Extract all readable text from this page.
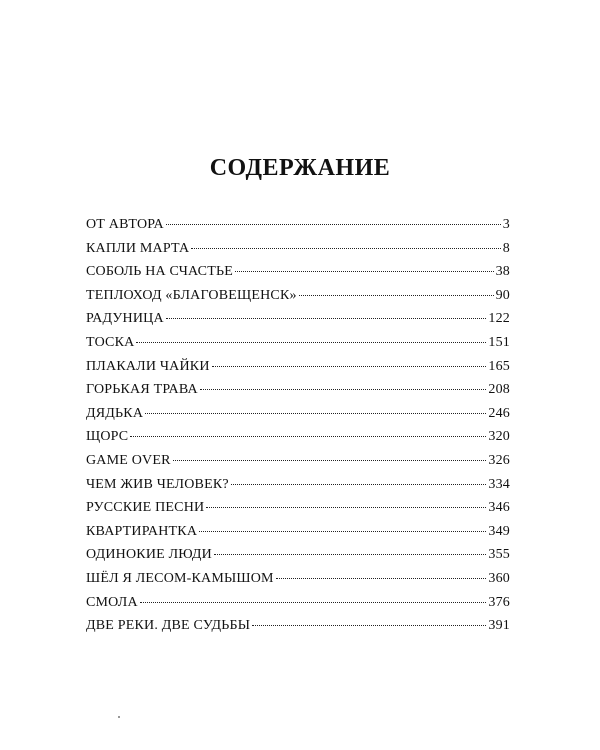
СОДЕРЖАНИЕ
ОТ АВТОРА	3
КАПЛИ МАРТА	8
СОБОЛЬ НА СЧАСТЬЕ	38
ТЕПЛОХОД «БЛАГОВЕЩЕНСК»	90
РАДУНИЦА	122
ТОСКА	151
ПЛАКАЛИ ЧАЙКИ	165
ГОРЬКАЯ ТРАВА	208
ДЯДЬКА	246
ЩОРС	320
GAME OVER	326
ЧЕМ ЖИВ ЧЕЛОВЕК?	334
РУССКИЕ ПЕСНИ	346
КВАРТИРАНТКА	349
ОДИНОКИЕ ЛЮДИ	355
ШЁЛ Я ЛЕСОМ-КАМЫШОМ	360
СМОЛА	376
ДВЕ РЕКИ. ДВЕ СУДЬБЫ	391
